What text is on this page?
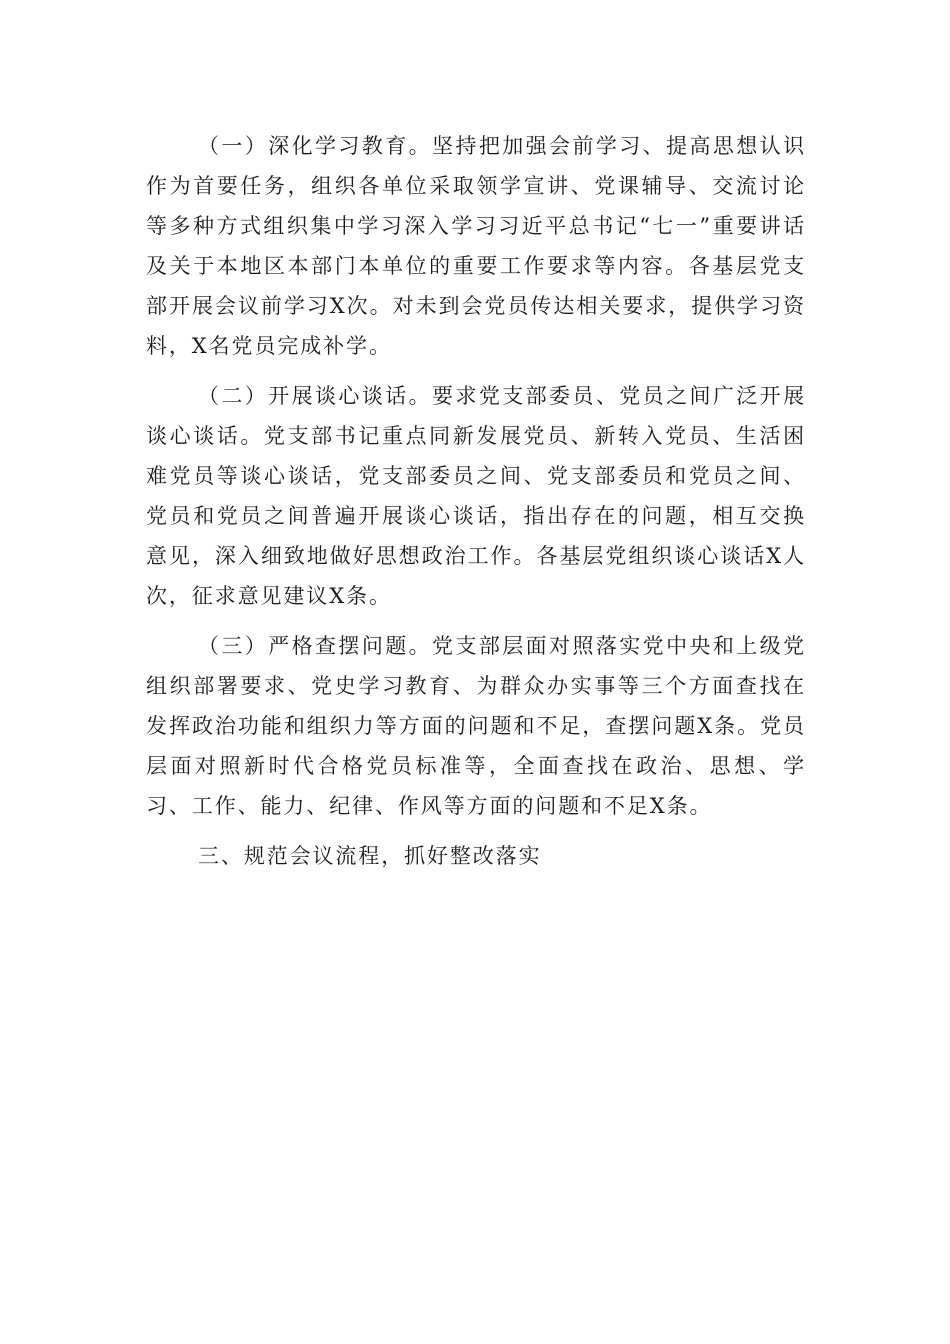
（一）深化学习教育。坚持把加强会前学习、提高思想认识作为首要任务，组织各单位采取领学宣讲、党课辅导、交流讨论等多种方式组织集中学习深入学习习近平总书记“七一”重要讲话及关于本地区本部门本单位的重要工作要求等内容。各基层党支部开展会议前学习X次。对未到会党员传达相关要求，提供学习资料，X名党员完成补学。

（二）开展谈心谈话。要求党支部委员、党员之间广泛开展谈心谈话。党支部书记重点同新发展党员、新转入党员、生活困难党员等谈心谈话，党支部委员之间、党支部委员和党员之间、党员和党员之间普遍开展谈心谈话，指出存在的问题，相互交换意见，深入细致地做好思想政治工作。各基层党组织谈心谈话X人次，征求意见建议X条。

（三）严格查摆问题。党支部层面对照落实党中央和上级党组织部署要求、党史学习教育、为群众办实事等三个方面查找在发挥政治功能和组织力等方面的问题和不足，查摆问题X条。党员层面对照新时代合格党员标准等，全面查找在政治、思想、学习、工作、能力、纪律、作风等方面的问题和不足X条。

三、规范会议流程，抓好整改落实
